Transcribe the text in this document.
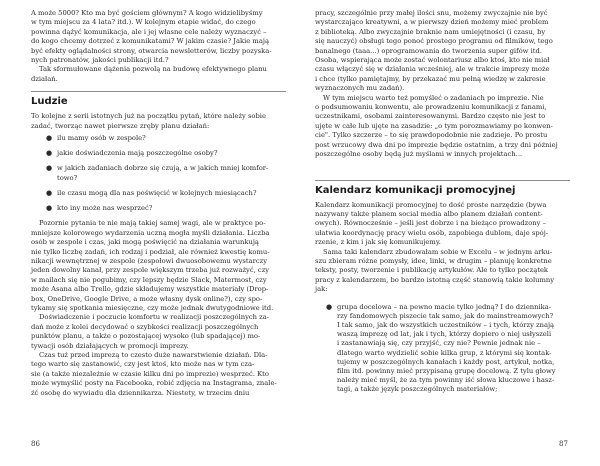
A może 5000? Kto ma być gościem głównym? A kogo widzielibyśmy

w tym miejscu za 4 lata? itd.). W kolejnym etapie widać, do czego

powinna dążyć komunikacja, ale i jej własne cele należy wyznaczyć –

do kogo chcemy dotrzeć z komunikatami? W jakim czasie? Jakie mają

być efekty oglądalności strony, otwarcia newsletterów, liczby pozyska-

nych patronatów, jakości publikacji itd.?

Tak sformułowane dążenia pozwolą na budowę efektywnego planu

działań.

Ludzie

To kolejne z serii istotnych już na początku pytań, które należy sobie

zadać, tworząc nawet pierwsze zręby planu działań:

● ilu mamy osób w zespole?
● jakie doświadczenia mają poszczególne osoby?
● w jakich zadaniach dobrze się czują, a w jakich mniej komfor-
towo?
● ile czasu mogą dla nas poświęcić w kolejnych miesiącach?
● kto iny może nas wesprzeć?

Pozornie pytania te nie mają takiej samej wagi, ale w praktyce po-

mniejsze kolorowego wydarzenia uczną mogła myśli działania. Liczba

osób w zespole i czas, jaki mogą poświęcić na działania warunkują

nie tylko liczbę zadań, ich rodzaj i podział, ale również kwestię komu-

nikacji wewnętrznej w zespole (zespołowi dwuosobowemu wystarczy

jeden dowolny kanał, przy zespole większym trzeba już rozważyć, czy

w mailach się nie pogubimy, czy lepszy będzie Slack, Matermost, czy

może Asana albo Trello, gdzie składujemy wszystkie materiały (Drop-

box, OneDrive, Google Drive, a może własny dysk online?), czy spo-

tykamy się spotkania miesięczne, czy może jednak dwutygodniowe itd.

Doświadczenie i poczucie komfortu w realizacji poszczególnych za-

dań może z kolei decydować o szybkości realizacji poszczególnych

punktów planu, a także o pozostającej wysoko (lub spadającej) mo-

tywacji osób działających w promocji imprezy.

Czas tuż przed imprezą to czesto duże nawarstwienie działań. Dla-

tego warto się zastanowić, czy jest ktoś, kto może nas w tym cza-

sie (a także niezależnie w czasie kilku dni po imprezie) wesprzeć. Kto

może wymyślić posty na Facebooka, robić zdjęcia na Instagrama, znale-

źć osobę do wywiadu dla dziennikarza. Niestety, w trzecim dniu

pracy, szczególnie przy małej ilości snu, możemy zwyczajnie nie być

wystarczająco kreatywni, a w pierwszy dzień możemy mieć problem

z biblioteką. Albo zwyczajnie braknie nam umiejętności (i czasu, by

się nauczyć) obsługi tego ponoć prostego programu od filmików, tego

banalnego (taaa...) oprogramowania do tworzenia super gifów itd.

Osoba, wspierająca może zostać wolontariusz albo ktoś, kto nie miał

czasu włączyć się w działania wcześniej, ale w trakcie imprezy może

i chce (tylko pamiętajmy, by przekazać mu pełną wiedzę w zakresie

wyznaczonych mu zadań).

W tym miejscu warto też pomyśleć o zadaniach po imprezie. Nie

o podsumowaniu konwentu, ale prowadzeniu komunikacji z fanami,

uczestnikami, osobami zainteresowanymi. Bardzo często nie jest to

ujęte w całe lub ujęte na zasadzie: „o tym porozmawiamy po konwen-

cie". Tylko szczerze – to się prawdopodobnie nie zadzieje. Po prostu

post wrzucowy dwa dni po imprezie będzie ostatnim, a trzy dni później

poszczególne osoby będą już myślami w innych projektach...

Kalendarz komunikacji promocyjnej

Kalendarz komunikacji promocyjnej to dość proste narzędzie (bywa

nazywany także planem social media albo planem działań content-

owych). Równocześnie – jeśli jest dobrze i na bieżąco prowadzony –

ułatwia koordynację pracy wielu osób, zapobiega dublom, daje spój-

rzenie, z kim i jak się komunikujemy.

Sama taki kalendarz zbudowałam sobie w Excelu – w jednym arku-

szu zbieram różne pomysły, idee, linki, w drugim – planuję konkretne

teksty, posty, tworzenie i publikację artykułów. Ale to tylko początek

pracy z kalendarzem, bo bardzo istotną część stanowią takie kolumny

jak:

● grupa docelowa – na pewno macie tylko jedną? I do dziennika-
rzy fandomowych piszecie tak samo, jak do mainstreamowych?
I tak samo, jak do wszystkich uczestników – i tych, którzy znają
waszą imprezę od lat, jak i tych, którzy dopiero o niej usłyszeli
i zastanawiają się, czy przyjść, czy nie? Pewnie jednak nie –
dlatego warto wydzielić sobie kilka grup, z którymi się kontak-
tujemy w poszczególnych kanałach i każdy post, artykuł, notka,
film itd. powinny mieć przypisaną grupę docelową. Z tylu głowy
należy mieć myśl, że za tym powinny iść słowa kluczowe i hasz-
tagi, a także język poszczególnych materiałów;
86	87
